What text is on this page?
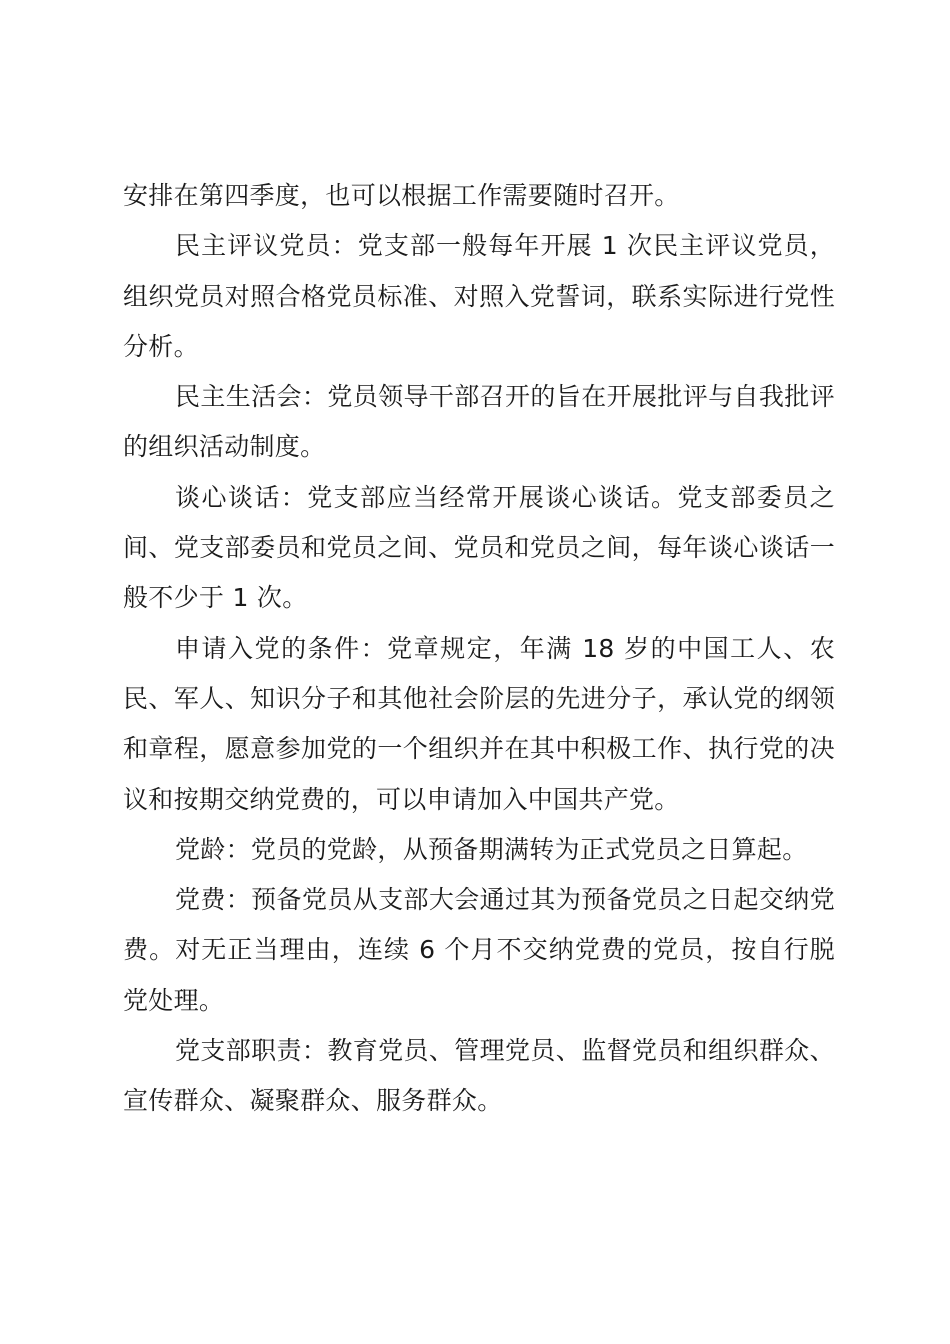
安排在第四季度，也可以根据工作需要随时召开。

民主评议党员：党支部一般每年开展 1 次民主评议党员，组织党员对照合格党员标准、对照入党誓词，联系实际进行党性分析。

民主生活会：党员领导干部召开的旨在开展批评与自我批评的组织活动制度。

谈心谈话：党支部应当经常开展谈心谈话。党支部委员之间、党支部委员和党员之间、党员和党员之间，每年谈心谈话一般不少于 1 次。

申请入党的条件：党章规定，年满 18 岁的中国工人、农民、军人、知识分子和其他社会阶层的先进分子，承认党的纲领和章程，愿意参加党的一个组织并在其中积极工作、执行党的决议和按期交纳党费的，可以申请加入中国共产党。

党龄：党员的党龄，从预备期满转为正式党员之日算起。

党费：预备党员从支部大会通过其为预备党员之日起交纳党费。对无正当理由，连续 6 个月不交纳党费的党员，按自行脱党处理。

党支部职责：教育党员、管理党员、监督党员和组织群众、宣传群众、凝聚群众、服务群众。
